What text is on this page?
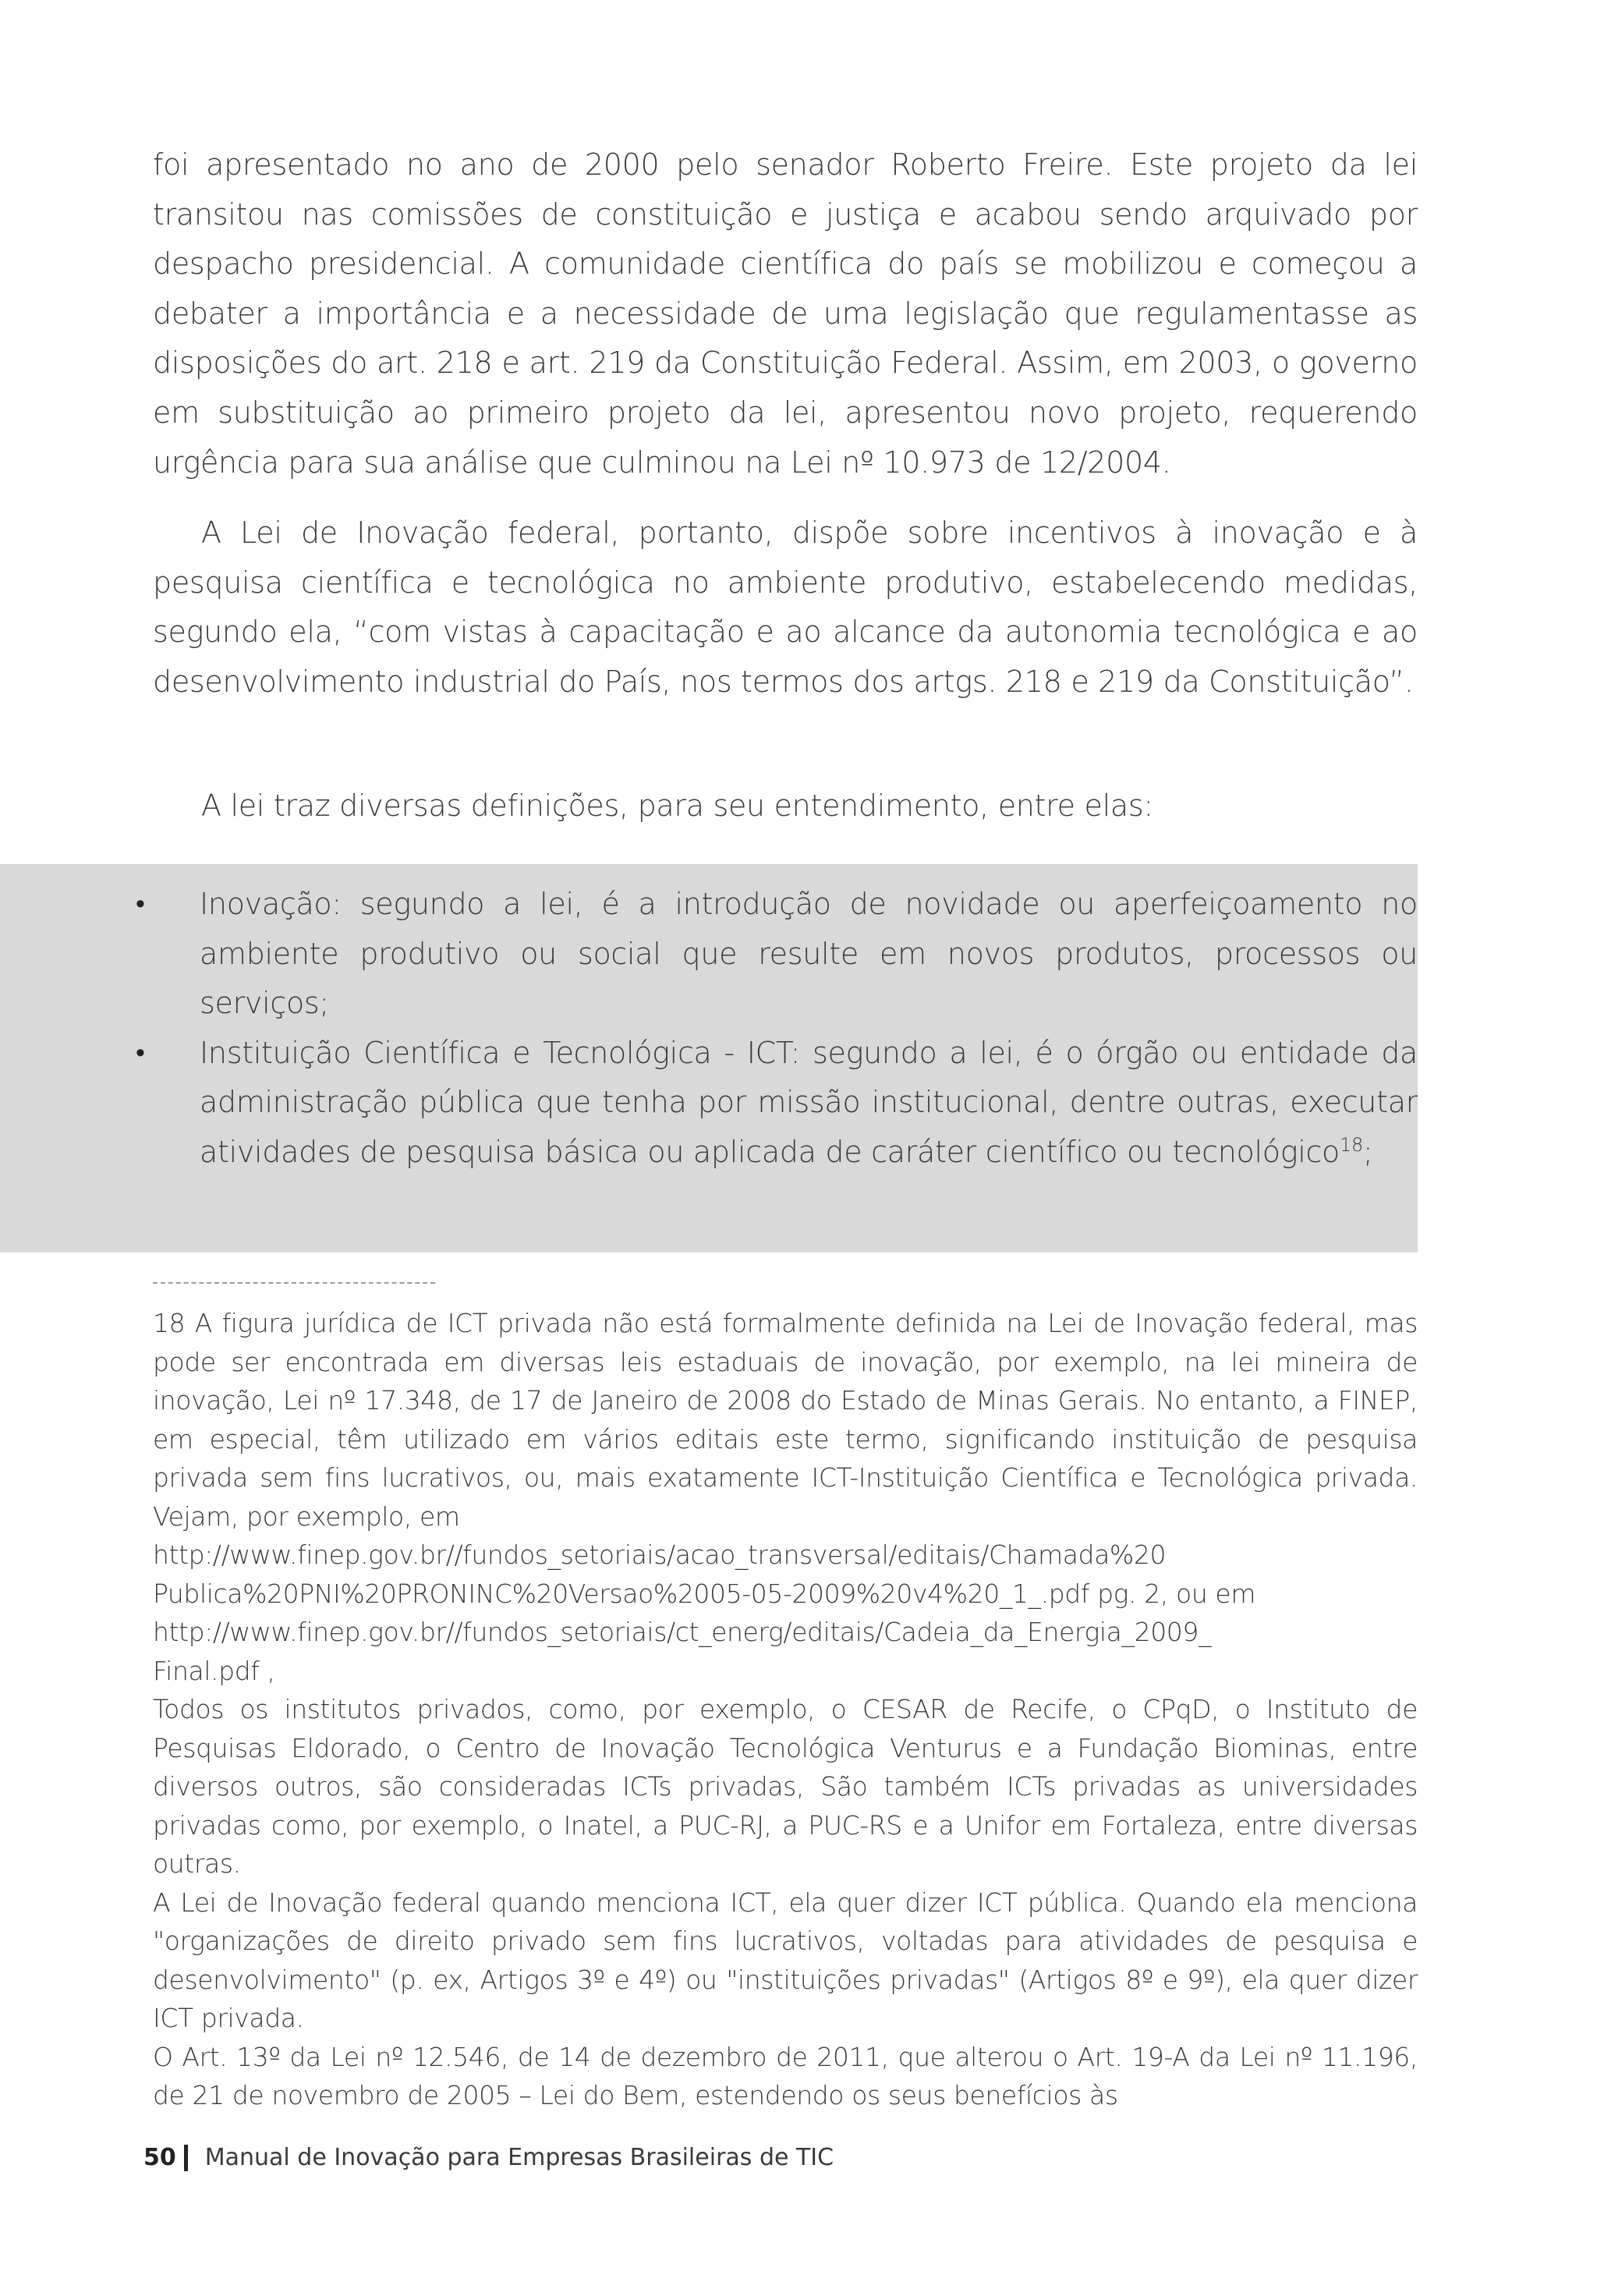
foi apresentado no ano de 2000 pelo senador Roberto Freire. Este projeto da lei transitou nas comissões de constituição e justiça e acabou sendo arquivado por despacho presidencial. A comunidade científica do país se mobilizou e começou a debater a importância e a necessidade de uma legislação que regulamentasse as disposições do art. 218 e art. 219 da Constituição Federal. Assim, em 2003, o governo em substituição ao primeiro projeto da lei, apresentou novo projeto, requerendo urgência para sua análise que culminou na Lei nº 10.973 de 12/2004.

A Lei de Inovação federal, portanto, dispõe sobre incentivos à inovação e à pesquisa científica e tecnológica no ambiente produtivo, estabelecendo medidas, segundo ela, “com vistas à capacitação e ao alcance da autonomia tecnológica e ao desenvolvimento industrial do País, nos termos dos artgs. 218 e 219 da Constituição”.

A lei traz diversas definições, para seu entendimento, entre elas:

• Inovação: segundo a lei, é a introdução de novidade ou aperfeiçoamento no ambiente produtivo ou social que resulte em novos produtos, processos ou serviços;
• Instituição Científica e Tecnológica - ICT: segundo a lei, é o órgão ou entidade da administração pública que tenha por missão institucional, dentre outras, executar atividades de pesquisa básica ou aplicada de caráter científico ou tecnológico$^{18}$;

18 A figura jurídica de ICT privada não está formalmente definida na Lei de Inovação federal, mas pode ser encontrada em diversas leis estaduais de inovação, por exemplo, na lei mineira de inovação, Lei nº 17.348, de 17 de Janeiro de 2008 do Estado de Minas Gerais. No entanto, a FINEP, em especial, têm utilizado em vários editais este termo, significando instituição de pesquisa privada sem fins lucrativos, ou, mais exatamente ICT-Instituição Científica e Tecnológica privada. Vejam, por exemplo, em

http://www.finep.gov.br//fundos_setoriais/acao_transversal/editais/Chamada%20

Publica%20PNI%20PRONINC%20Versao%2005-05-2009%20v4%20_1_.pdf pg. 2, ou em

http://www.finep.gov.br//fundos_setoriais/ct_energ/editais/Cadeia_da_Energia_2009_

Final.pdf ,

Todos os institutos privados, como, por exemplo, o CESAR de Recife, o CPqD, o Instituto de Pesquisas Eldorado, o Centro de Inovação Tecnológica Venturus e a Fundação Biominas, entre diversos outros, são consideradas ICTs privadas, São também ICTs privadas as universidades privadas como, por exemplo, o Inatel, a PUC-RJ, a PUC-RS e a Unifor em Fortaleza, entre diversas outras.

A Lei de Inovação federal quando menciona ICT, ela quer dizer ICT pública. Quando ela menciona "organizações de direito privado sem fins lucrativos, voltadas para atividades de pesquisa e desenvolvimento" (p. ex, Artigos 3º e 4º) ou "instituições privadas" (Artigos 8º e 9º), ela quer dizer ICT privada.

O Art. 13º da Lei nº 12.546, de 14 de dezembro de 2011, que alterou o Art. 19-A da Lei nº 11.196, de 21 de novembro de 2005 – Lei do Bem, estendendo os seus benefícios às

50 Manual de Inovação para Empresas Brasileiras de TIC
